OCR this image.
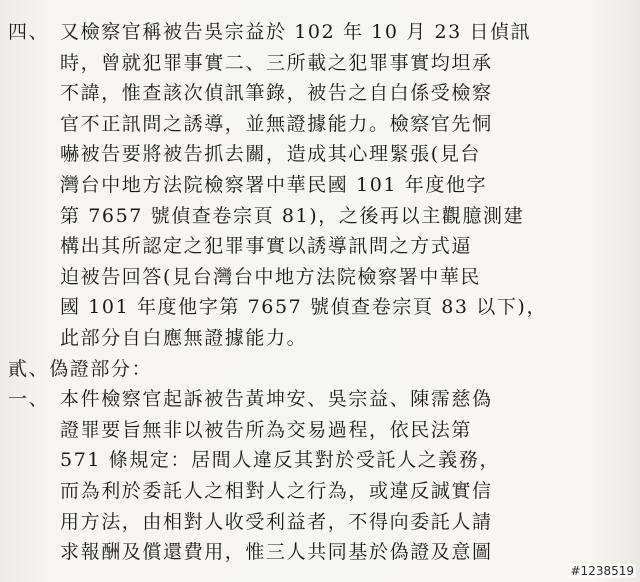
四、 又檢察官稱被告吳宗益於 102 年 10 月 23 日偵訊
時，曾就犯罪事實二、三所載之犯罪事實均坦承
不諱，惟查該次偵訊筆錄，被告之自白係受檢察
官不正訊問之誘導，並無證據能力。檢察官先恫
嚇被告要將被告抓去關，造成其心理緊張(見台
灣台中地方法院檢察署中華民國 101 年度他字
第 7657 號偵查卷宗頁 81)，之後再以主觀臆測建
構出其所認定之犯罪事實以誘導訊問之方式逼
迫被告回答(見台灣台中地方法院檢察署中華民
國 101 年度他字第 7657 號偵查卷宗頁 83 以下)，
此部分自白應無證據能力。
貳、偽證部分：
一、 本件檢察官起訴被告黃坤安、吳宗益、陳霈慈偽
證罪要旨無非以被告所為交易過程，依民法第
571 條規定：居間人違反其對於受託人之義務，
而為利於委託人之相對人之行為，或違反誠實信
用方法，由相對人收受利益者，不得向委託人請
求報酬及償還費用，惟三人共同基於偽證及意圖
#1238519
